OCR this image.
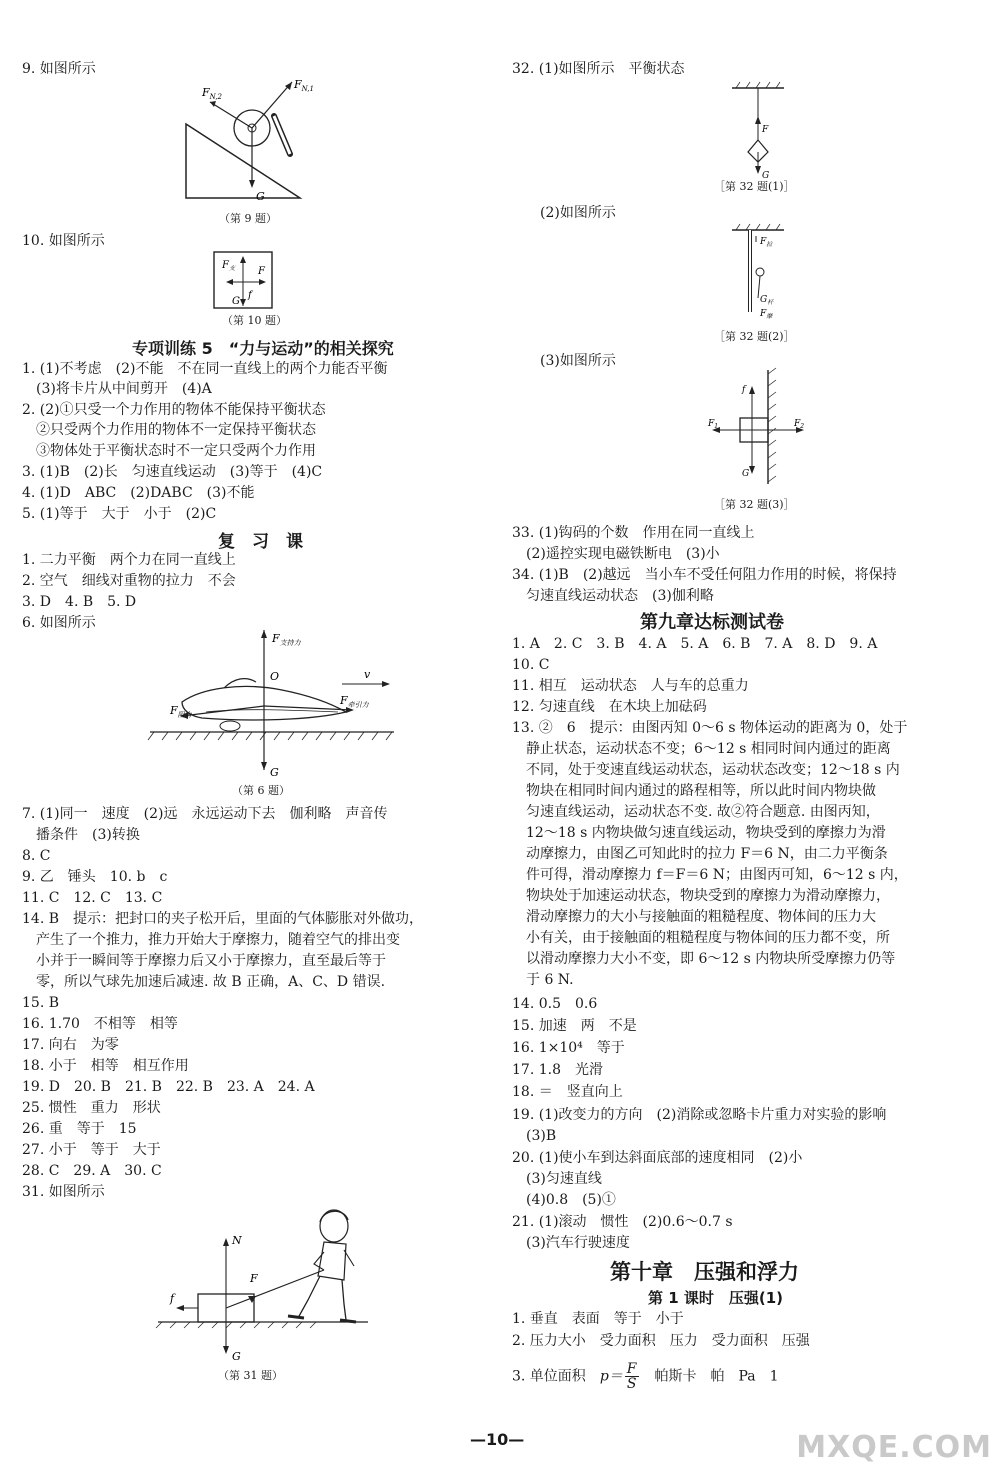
9. 如图所示
$F_{N,1}$
$F_{N,2}$
G
（第 9 题）
10. 如图所示
$F_支$ F
f
G
（第 10 题）
专项训练 5　“力与运动”的相关探究
1. (1)不考虑　(2)不能　不在同一直线上的两个力能否平衡
　(3)将卡片从中间剪开　(4)A
2. (2)①只受一个力作用的物体不能保持平衡状态
　②只受两个力作用的物体不一定保持平衡状态
　③物体处于平衡状态时不一定只受两个力作用
3. (1)B　(2)长　匀速直线运动　(3)等于　(4)C
4. (1)D　ABC　(2)DABC　(3)不能
5. (1)等于　大于　小于　(2)C
复　习　课
1. 二力平衡　两个力在同一直线上
2. 空气　细线对重物的拉力　不会
3. D　4. B　5. D
6. 如图所示
$F_{支持力}$
$F_{阻力}$
$F_{牵引力}$
O	v
G
（第 6 题）
7. (1)同一　速度　(2)远　永远运动下去　伽利略　声音传
　播条件　(3)转换
8. C
9. 乙　锤头　10. b　c
11. C　12. C　13. C
14. B　提示：把封口的夹子松开后，里面的气体膨胀对外做功，
　产生了一个推力，推力开始大于摩擦力，随着空气的排出变
　小并于一瞬间等于摩擦力后又小于摩擦力，直至最后等于
　零，所以气球先加速后减速. 故 B 正确，A、C、D 错误.
15. B
16. 1.70　不相等　相等
17. 向右　为零
18. 小于　相等　相互作用
19. D　20. B　21. B　22. B　23. A　24. A
25. 惯性　重力　形状
26. 重　等于　15
27. 小于　等于　大于
28. C　29. A　30. C
31. 如图所示
N
F
f
G
（第 31 题）
32. (1)如图所示　平衡状态
F
G
［第 32 题(1)］
(2)如图所示
$F_拉$
$G_杆$
$F_摩$
［第 32 题(2)］
(3)如图所示
f
G
$F_1$	$F_2$
［第 32 题(3)］
33. (1)钩码的个数　作用在同一直线上
　(2)遥控实现电磁铁断电　(3)小
34. (1)B　(2)越远　当小车不受任何阻力作用的时候，将保持
　匀速直线运动状态　(3)伽利略
第九章达标测试卷
1. A　2. C　3. B　4. A　5. A　6. B　7. A　8. D　9. A
10. C
11. 相互　运动状态　人与车的总重力
12. 匀速直线　在木块上加砝码
13. ②　6　提示：由图丙知 0～6 s 物体运动的距离为 0，处于
　静止状态，运动状态不变；6～12 s 相同时间内通过的距离
　不同，处于变速直线运动状态，运动状态改变；12～18 s 内
　物块在相同时间内通过的路程相等，所以此时间内物块做
　匀速直线运动，运动状态不变. 故②符合题意. 由图丙知，
　12～18 s 内物块做匀速直线运动，物块受到的摩擦力为滑
　动摩擦力，由图乙可知此时的拉力 F＝6 N，由二力平衡条
　件可得，滑动摩擦力 f＝F＝6 N；由图丙可知，6～12 s 内，
　物块处于加速运动状态，物块受到的摩擦力为滑动摩擦力，
　滑动摩擦力的大小与接触面的粗糙程度、物体间的压力大
　小有关，由于接触面的粗糙程度与物体间的压力都不变，所
　以滑动摩擦力大小不变，即 6～12 s 内物块所受摩擦力仍等
　于 6 N.
14. 0.5　0.6
15. 加速　两　不是
16. 1×10⁴　等于
17. 1.8　光滑
18. ＝　竖直向上
19. (1)改变力的方向　(2)消除或忽略卡片重力对实验的影响
　(3)B
20. (1)使小车到达斜面底部的速度相同　(2)小
　(3)匀速直线
　(4)0.8　(5)①
21. (1)滚动　惯性　(2)0.6～0.7 s
　(3)汽车行驶速度
第十章　压强和浮力
第 1 课时　压强(1)
1. 垂直　表面　等于　小于
2. 压力大小　受力面积　压力　受力面积　压强
3. 单位面积　$p= \frac{F}{S}$ 　帕斯卡　帕　Pa　1
—10—	MXQE.COM
